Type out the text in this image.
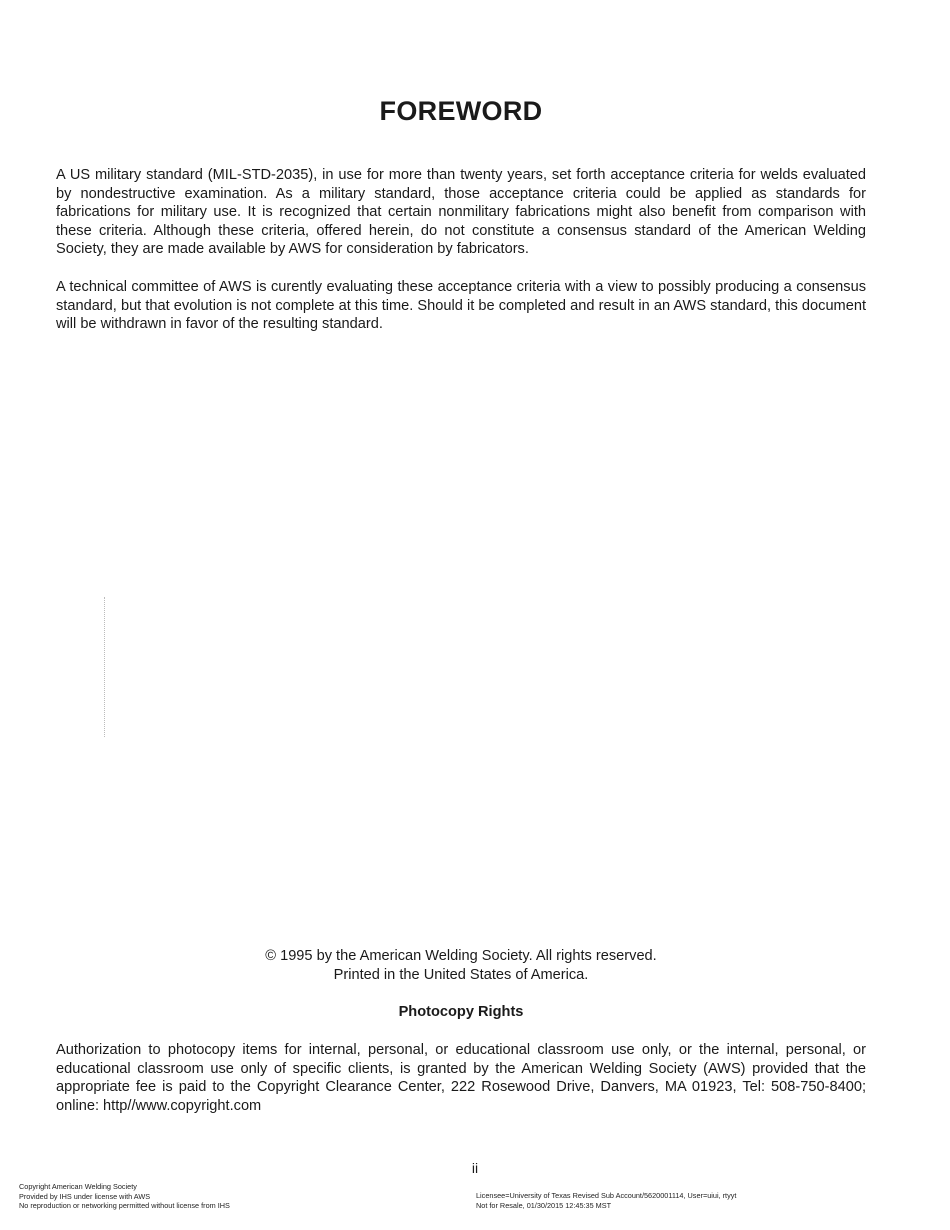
FOREWORD

A US military standard (MIL-STD-2035), in use for more than twenty years, set forth acceptance criteria for welds evaluated by nondestructive examination. As a military standard, those acceptance criteria could be applied as standards for fabrications for military use. It is recognized that certain nonmilitary fabrications might also benefit from comparison with these criteria. Although these criteria, offered herein, do not constitute a consensus standard of the American Welding Society, they are made available by AWS for consideration by fabricators.

A technical committee of AWS is curently evaluating these acceptance criteria with a view to possibly producing a consensus standard, but that evolution is not complete at this time. Should it be completed and result in an AWS standard, this document will be withdrawn in favor of the resulting standard.

© 1995 by the American Welding Society. All rights reserved.
Printed in the United States of America.
Photocopy Rights

Authorization to photocopy items for internal, personal, or educational classroom use only, or the internal, personal, or educational classroom use only of specific clients, is granted by the American Welding Society (AWS) provided that the appropriate fee is paid to the Copyright Clearance Center, 222 Rosewood Drive, Danvers, MA 01923, Tel: 508-750-8400; online: http//www.copyright.com

ii
Copyright American Welding Society
Provided by IHS under license with AWS
No reproduction or networking permitted without license from IHS
Licensee=University of Texas Revised Sub Account/5620001114, User=uiui, rtyyt
Not for Resale, 01/30/2015 12:45:35 MST
